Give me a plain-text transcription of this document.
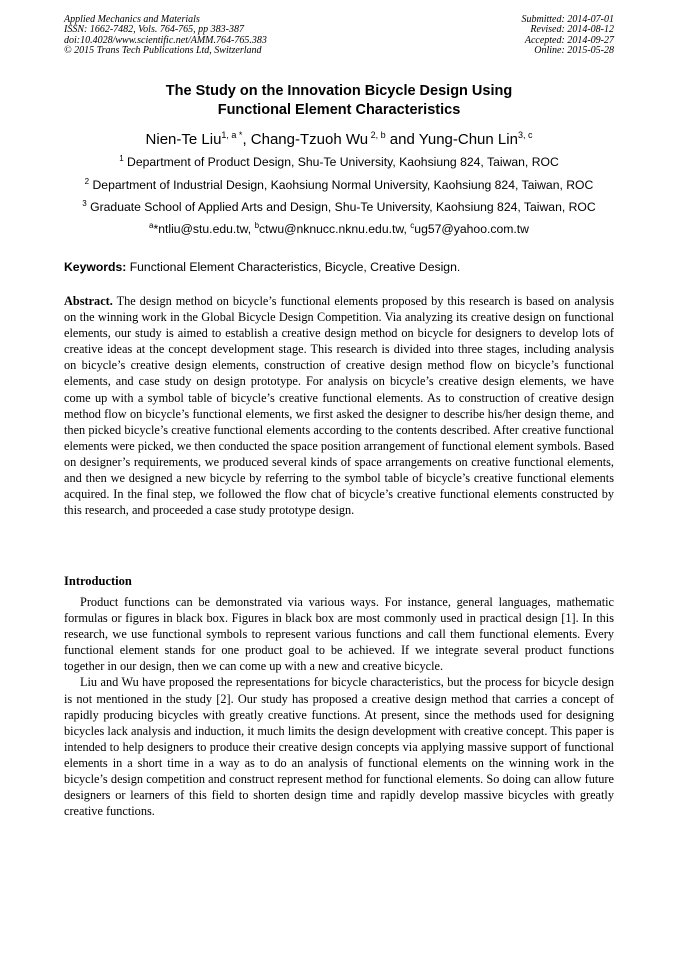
Applied Mechanics and Materials
ISSN: 1662-7482, Vols. 764-765, pp 383-387
doi:10.4028/www.scientific.net/AMM.764-765.383
© 2015 Trans Tech Publications Ltd, Switzerland
Submitted: 2014-07-01
Revised: 2014-08-12
Accepted: 2014-09-27
Online: 2015-05-28
The Study on the Innovation Bicycle Design Using
Functional Element Characteristics
Nien-Te Liu$^{1, a *}$, Chang-Tzuoh Wu $^{2, b}$ and Yung-Chun Lin$^{3, c}$
$^1$ Department of Product Design, Shu-Te University, Kaohsiung 824, Taiwan, ROC
$^2$ Department of Industrial Design, Kaohsiung Normal University, Kaohsiung 824, Taiwan, ROC
$^3$ Graduate School of Applied Arts and Design, Shu-Te University, Kaohsiung 824, Taiwan, ROC
$^a$*ntliu@stu.edu.tw, $^b$ctwu@nknucc.nknu.edu.tw, $^c$ug57@yahoo.com.tw
Keywords: Functional Element Characteristics, Bicycle, Creative Design.
Abstract. The design method on bicycle’s functional elements proposed by this research is based on analysis on the winning work in the Global Bicycle Design Competition. Via analyzing its creative design on functional elements, our study is aimed to establish a creative design method on bicycle for designers to develop lots of creative ideas at the concept development stage. This research is divided into three stages, including analysis on bicycle’s creative design elements, construction of creative design method flow on bicycle’s functional elements, and case study on design prototype. For analysis on bicycle’s creative design elements, we have come up with a symbol table of bicycle’s creative functional elements. As to construction of creative design method flow on bicycle’s functional elements, we first asked the designer to describe his/her design theme, and then picked bicycle’s creative functional elements according to the contents described. After creative functional elements were picked, we then conducted the space position arrangement of functional element symbols. Based on designer’s requirements, we produced several kinds of space arrangements on creative functional elements, and then we designed a new bicycle by referring to the symbol table of bicycle’s creative functional elements acquired. In the final step, we followed the flow chat of bicycle’s creative functional elements constructed by this research, and proceeded a case study prototype design.
Introduction

Product functions can be demonstrated via various ways. For instance, general languages, mathematic formulas or figures in black box. Figures in black box are most commonly used in practical design [1]. In this research, we use functional symbols to represent various functions and call them functional elements. Every functional element stands for one product goal to be achieved. If we integrate several product functions together in our design, then we can come up with a new and creative bicycle.

Liu and Wu have proposed the representations for bicycle characteristics, but the process for bicycle design is not mentioned in the study [2]. Our study has proposed a creative design method that carries a concept of rapidly producing bicycles with greatly creative functions. At present, since the methods used for designing bicycles lack analysis and induction, it much limits the design development with creative concept. This paper is intended to help designers to produce their creative design concepts via applying massive support of functional elements in a short time in a way as to do an analysis of functional elements on the winning work in the bicycle’s design competition and construct represent method for functional elements. So doing can allow future designers or learners of this field to shorten design time and rapidly develop massive bicycles with greatly creative functions.
